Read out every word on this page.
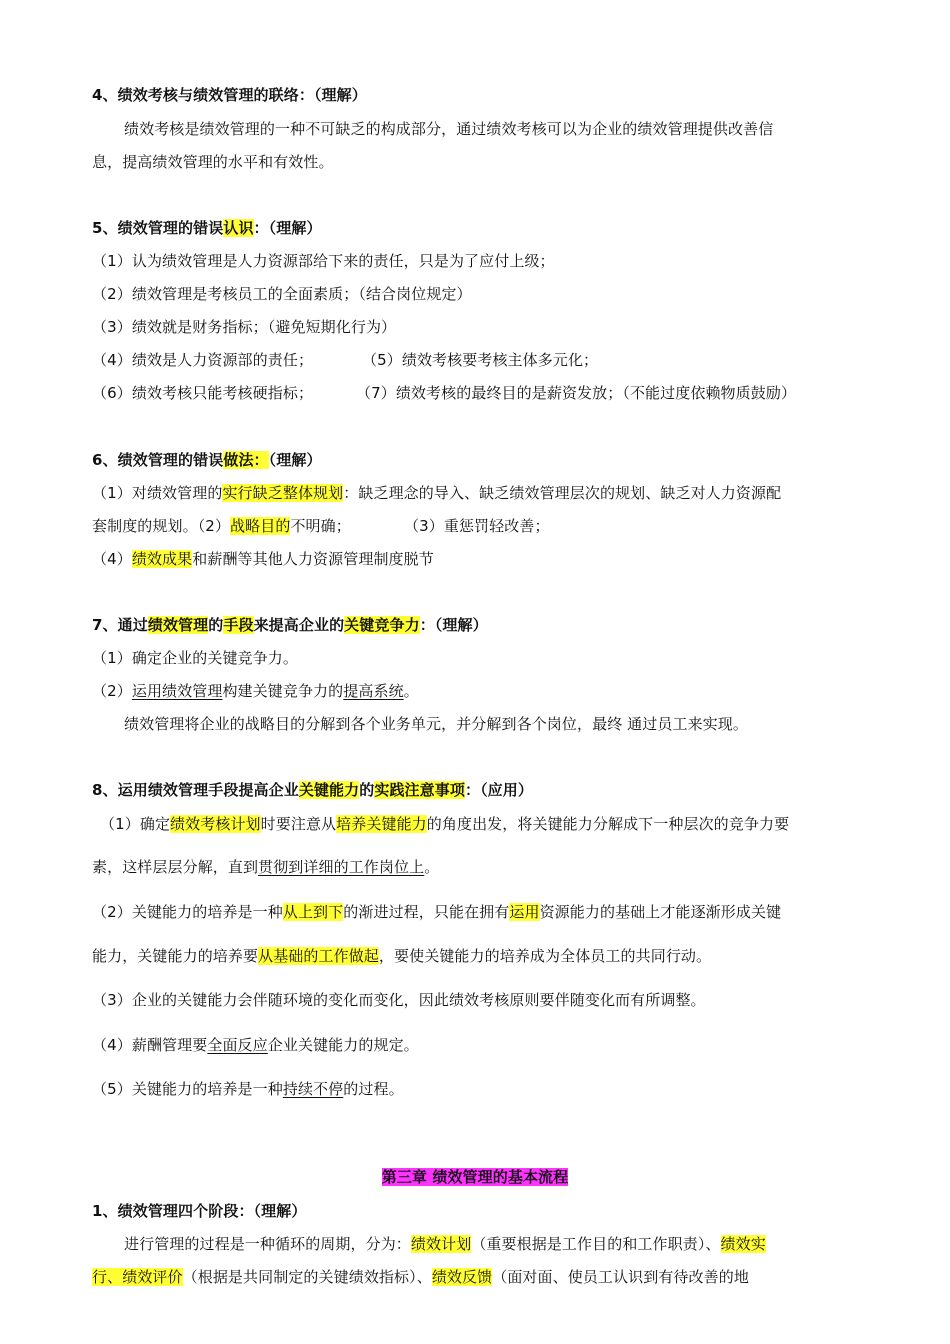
4、绩效考核与绩效管理的联络：（理解）
绩效考核是绩效管理的一种不可缺乏的构成部分，通过绩效考核可以为企业的绩效管理提供改善信
息，提高绩效管理的水平和有效性。
5、绩效管理的错误认识：（理解）
（1）认为绩效管理是人力资源部给下来的责任，只是为了应付上级；
（2）绩效管理是考核员工的全面素质；（结合岗位规定）
（3）绩效就是财务指标；（避免短期化行为）
（4）绩效是人力资源部的责任；	（5）绩效考核要考核主体多元化；
（6）绩效考核只能考核硬指标；	（7）绩效考核的最终目的是薪资发放；（不能过度依赖物质鼓励）
6、绩效管理的错误做法：（理解）
（1）对绩效管理的实行缺乏整体规划：缺乏理念的导入、缺乏绩效管理层次的规划、缺乏对人力资源配
套制度的规划。（2）战略目的不明确；	（3）重惩罚轻改善；
（4）绩效成果和薪酬等其他人力资源管理制度脱节
7、通过绩效管理的手段来提高企业的关键竞争力：（理解）
（1）确定企业的关键竞争力。
（2）运用绩效管理构建关键竞争力的提高系统。
绩效管理将企业的战略目的分解到各个业务单元，并分解到各个岗位，最终 通过员工来实现。
8、运用绩效管理手段提高企业关键能力的实践注意事项：（应用）
（1）确定绩效考核计划时要注意从培养关键能力的角度出发，将关键能力分解成下一种层次的竞争力要
素，这样层层分解，直到贯彻到详细的工作岗位上。
（2）关键能力的培养是一种从上到下的渐进过程，只能在拥有运用资源能力的基础上才能逐渐形成关键
能力，关键能力的培养要从基础的工作做起，要使关键能力的培养成为全体员工的共同行动。
（3）企业的关键能力会伴随环境的变化而变化，因此绩效考核原则要伴随变化而有所调整。
（4）薪酬管理要全面反应企业关键能力的规定。
（5）关键能力的培养是一种持续不停的过程。
第三章 绩效管理的基本流程
1、绩效管理四个阶段：（理解）
进行管理的过程是一种循环的周期，分为：绩效计划（重要根据是工作目的和工作职责）、绩效实
行、绩效评价（根据是共同制定的关键绩效指标）、绩效反馈（面对面、使员工认识到有待改善的地
